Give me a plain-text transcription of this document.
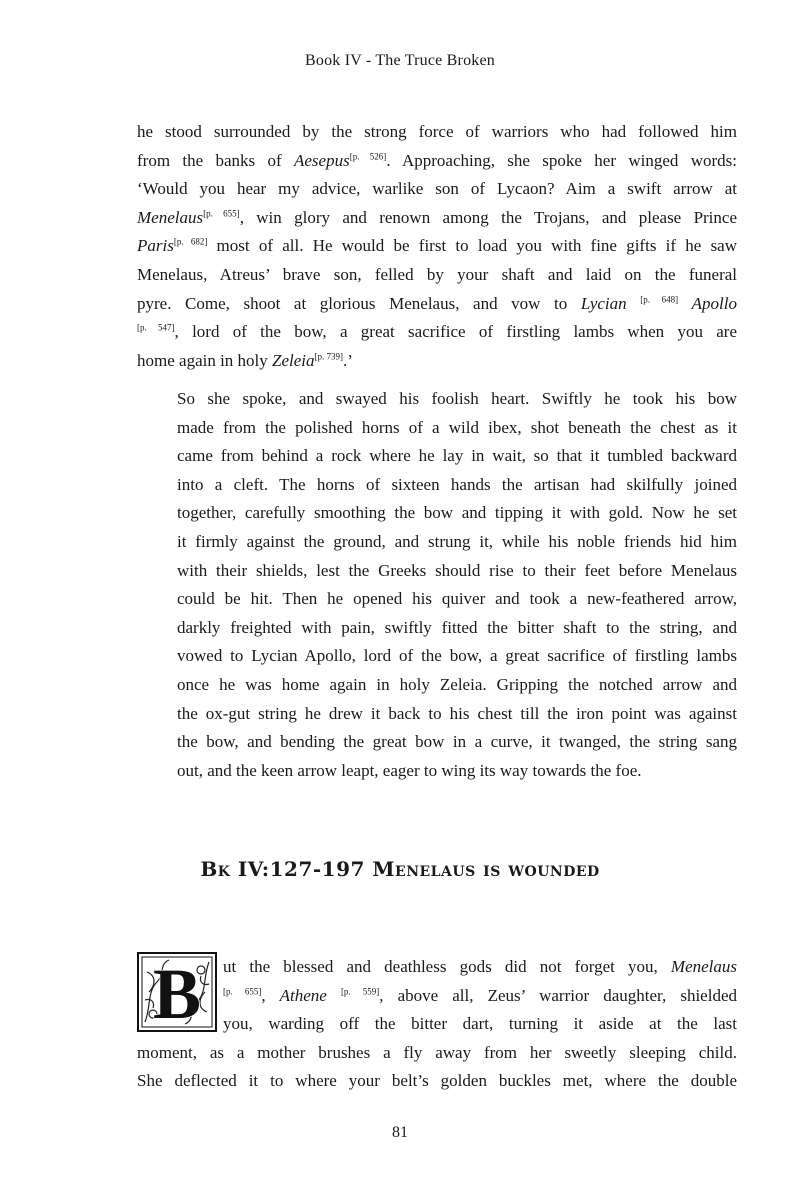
Book IV - The Truce Broken
he stood surrounded by the strong force of warriors who had followed him
from the banks of Aesepus[p. 526]. Approaching, she spoke her winged words:
‘Would you hear my advice, warlike son of Lycaon? Aim a swift arrow at
Menelaus[p. 655], win glory and renown among the Trojans, and please Prince
Paris[p. 682] most of all. He would be first to load you with fine gifts if he saw
Menelaus, Atreus’ brave son, felled by your shaft and laid on the funeral
pyre. Come, shoot at glorious Menelaus, and vow to Lycian [p. 648] Apollo
[p. 547], lord of the bow, a great sacrifice of firstling lambs when you are
home again in holy Zeleia[p. 739].’
So she spoke, and swayed his foolish heart. Swiftly he took his bow
made from the polished horns of a wild ibex, shot beneath the chest as it
came from behind a rock where he lay in wait, so that it tumbled backward
into a cleft. The horns of sixteen hands the artisan had skilfully joined
together, carefully smoothing the bow and tipping it with gold. Now he set
it firmly against the ground, and strung it, while his noble friends hid him
with their shields, lest the Greeks should rise to their feet before Menelaus
could be hit. Then he opened his quiver and took a new-feathered arrow,
darkly freighted with pain, swiftly fitted the bitter shaft to the string, and
vowed to Lycian Apollo, lord of the bow, a great sacrifice of firstling lambs
once he was home again in holy Zeleia. Gripping the notched arrow and
the ox-gut string he drew it back to his chest till the iron point was against
the bow, and bending the great bow in a curve, it twanged, the string sang
out, and the keen arrow leapt, eager to wing its way towards the foe.
Bk IV:127-197 Menelaus is wounded
B	ut the blessed and deathless gods did not forget you, Menelaus
[p. 655], Athene [p. 559], above all, Zeus’ warrior daughter, shielded
you, warding off the bitter dart, turning it aside at the last
moment, as a mother brushes a fly away from her sweetly sleeping child.
She deflected it to where your belt’s golden buckles met, where the double
81
